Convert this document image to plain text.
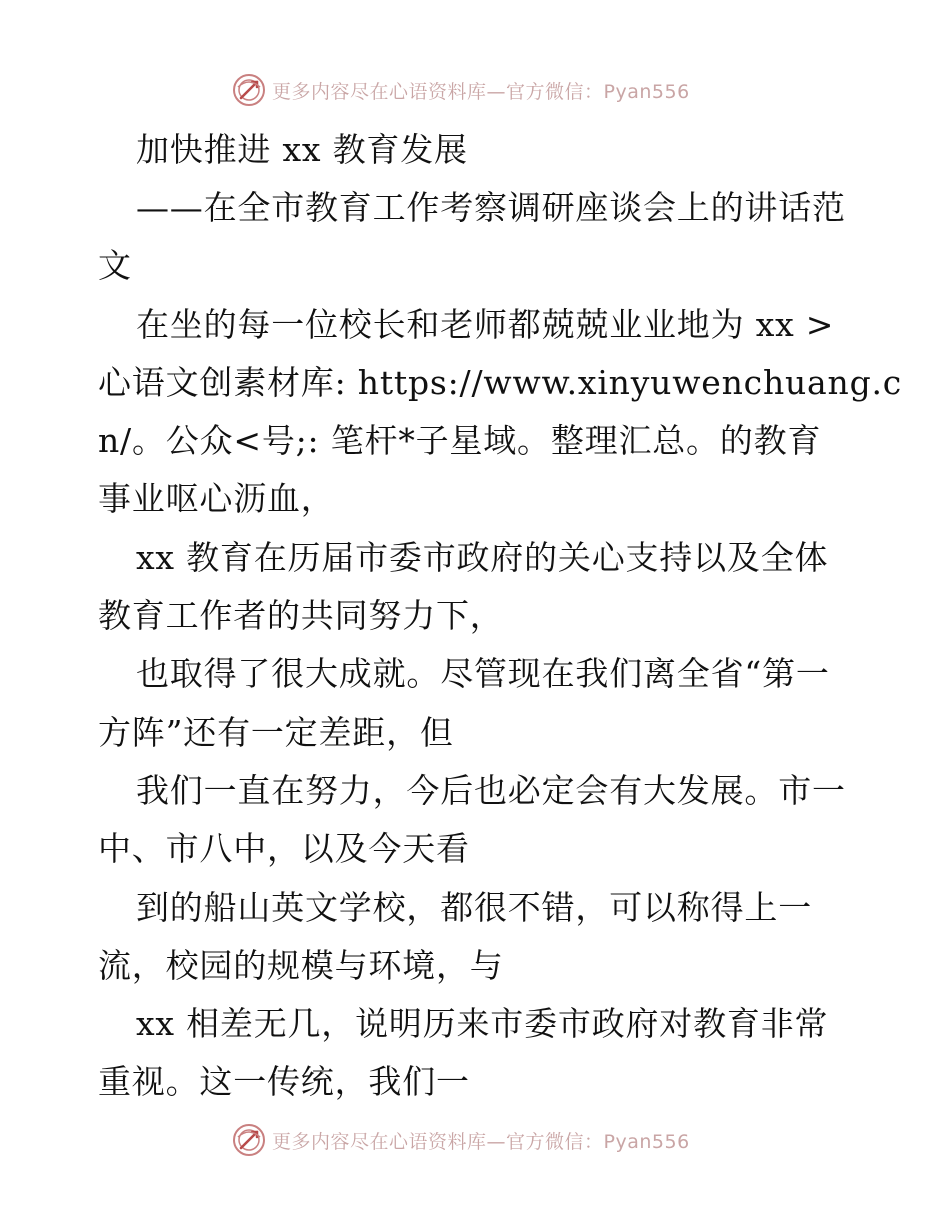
更多内容尽在心语资料库—官方微信：Pyan556
加快推进 xx 教育发展
——在全市教育工作考察调研座谈会上的讲话范
文
在坐的每一位校长和老师都兢兢业业地为 xx >
心语文创素材库: https://www.xinyuwenchuang.c
n/。公众<号;: 笔杆*子星域。整理汇总。的教育
事业呕心沥血，
xx 教育在历届市委市政府的关心支持以及全体
教育工作者的共同努力下，
也取得了很大成就。尽管现在我们离全省“第一
方阵”还有一定差距，但
我们一直在努力，今后也必定会有大发展。市一
中、市八中，以及今天看
到的船山英文学校，都很不错，可以称得上一
流，校园的规模与环境，与
xx 相差无几，说明历来市委市政府对教育非常
重视。这一传统，我们一
更多内容尽在心语资料库—官方微信：Pyan556
